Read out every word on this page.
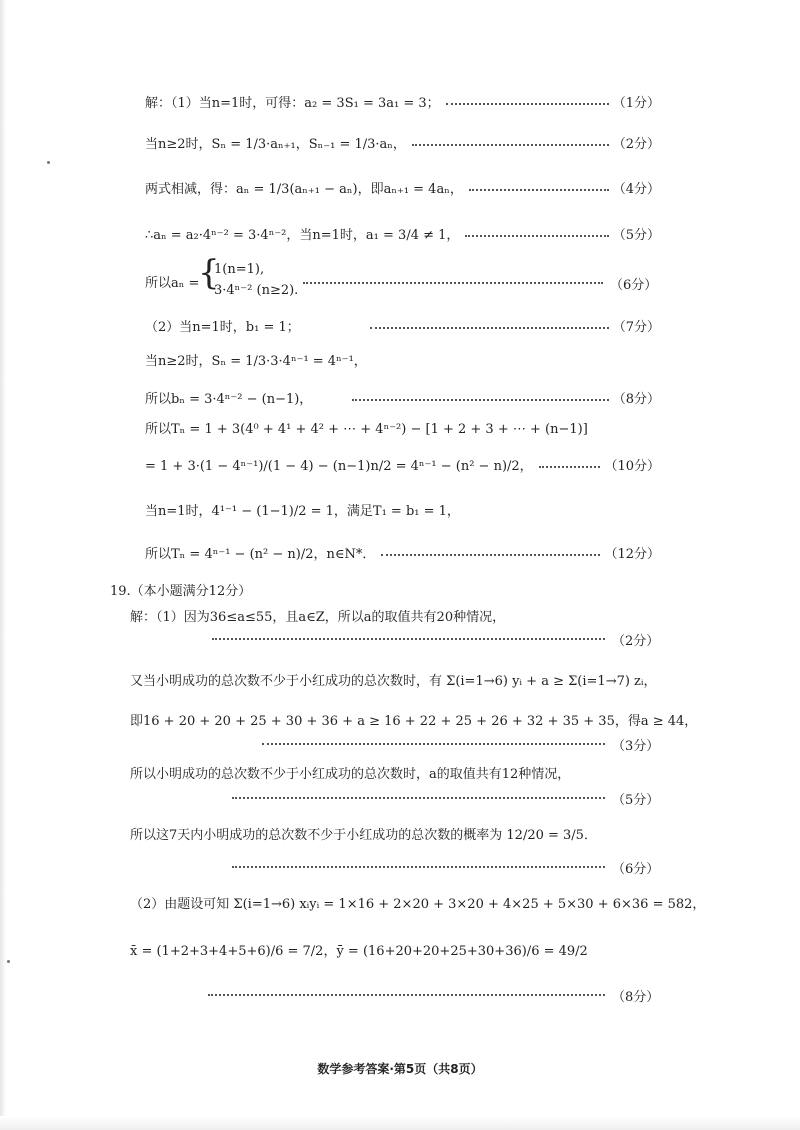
解：（1）当n=1时，可得：a₂ = 3S₁ = 3a₁ = 3；	（1分）
当n≥2时，Sₙ = 1/3·aₙ₊₁，Sₙ₋₁ = 1/3·aₙ，	（2分）
两式相减，得：aₙ = 1/3(aₙ₊₁ − aₙ)，即aₙ₊₁ = 4aₙ，	（4分）
∴aₙ = a₂·4ⁿ⁻² = 3·4ⁿ⁻²，当n=1时，a₁ = 3/4 ≠ 1，	（5分）
所以aₙ =
{
1(n=1),
3·4ⁿ⁻² (n≥2).	（6分）
（2）当n=1时，b₁ = 1；	（7分）
当n≥2时，Sₙ = 1/3·3·4ⁿ⁻¹ = 4ⁿ⁻¹，
所以bₙ = 3·4ⁿ⁻² − (n−1)，	（8分）
所以Tₙ = 1 + 3(4⁰ + 4¹ + 4² + ⋯ + 4ⁿ⁻²) − [1 + 2 + 3 + ⋯ + (n−1)]
= 1 + 3·(1 − 4ⁿ⁻¹)/(1 − 4) − (n−1)n/2 = 4ⁿ⁻¹ − (n² − n)/2，	（10分）
当n=1时，4¹⁻¹ − (1−1)/2 = 1，满足T₁ = b₁ = 1，
所以Tₙ = 4ⁿ⁻¹ − (n² − n)/2，n∈N*．	（12分）
19.（本小题满分12分）
解：（1）因为36≤a≤55，且a∈Z，所以a的取值共有20种情况，
（2分）
又当小明成功的总次数不少于小红成功的总次数时，有 Σ(i=1→6) yᵢ + a ≥ Σ(i=1→7) zᵢ，
即16 + 20 + 20 + 25 + 30 + 36 + a ≥ 16 + 22 + 25 + 26 + 32 + 35 + 35，得a ≥ 44，
（3分）
所以小明成功的总次数不少于小红成功的总次数时，a的取值共有12种情况，
（5分）
所以这7天内小明成功的总次数不少于小红成功的总次数的概率为 12/20 = 3/5．
（6分）
（2）由题设可知 Σ(i=1→6) xᵢyᵢ = 1×16 + 2×20 + 3×20 + 4×25 + 5×30 + 6×36 = 582，
x̄ = (1+2+3+4+5+6)/6 = 7/2，ȳ = (16+20+20+25+30+36)/6 = 49/2
（8分）
数学参考答案·第5页（共8页）
